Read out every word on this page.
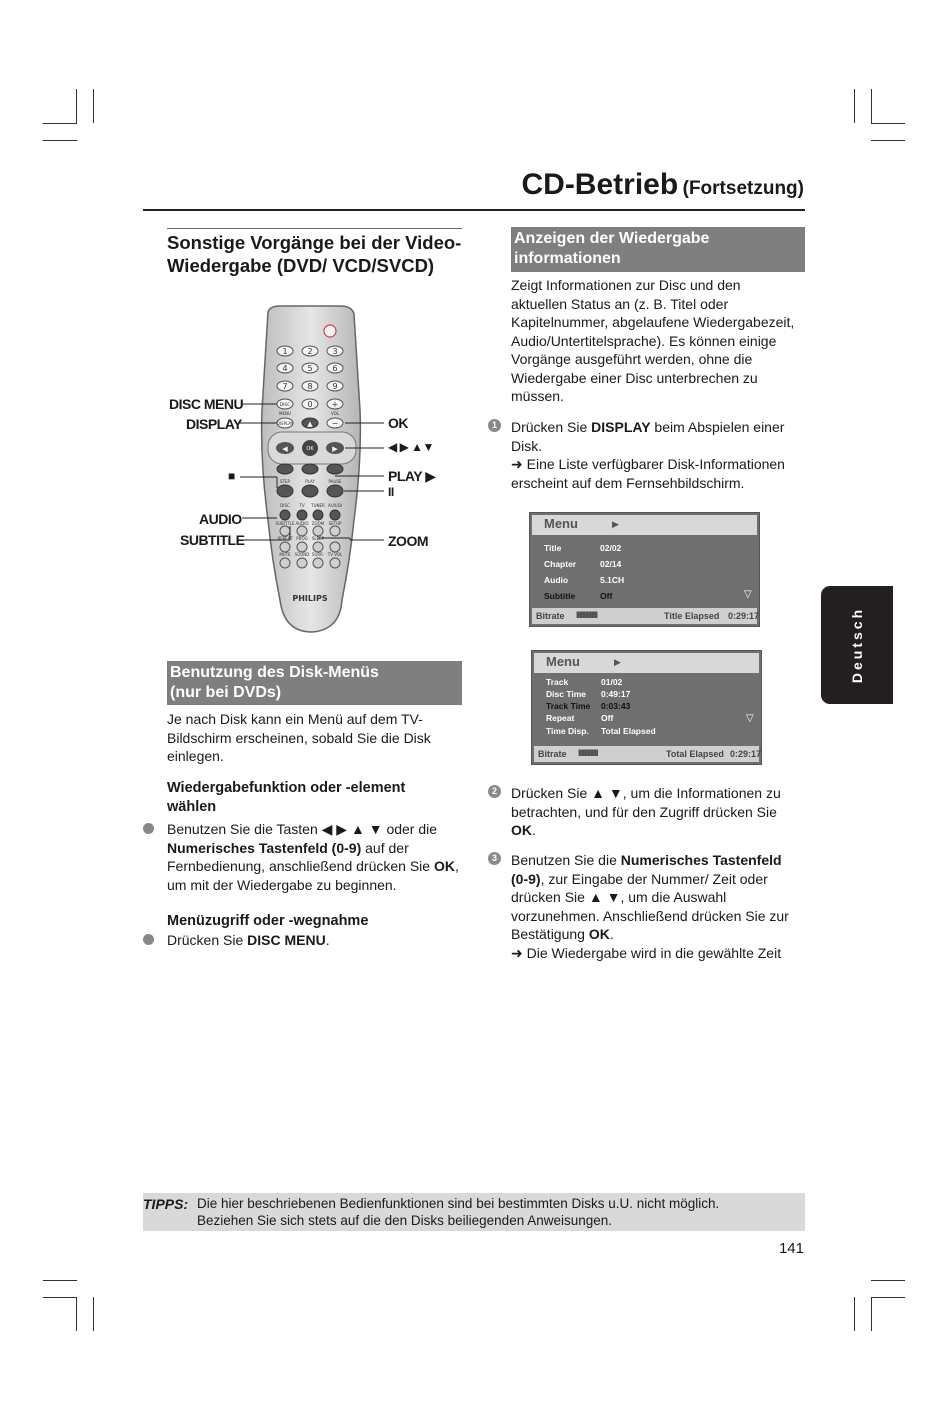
CD-Betrieb (Fortsetzung)
Sonstige Vorgänge bei der Video-
Wiedergabe (DVD/ VCD/SVCD)
1 2 3
4 5 6
7 8 9
DISC 0 +
MENU	VOL
DISPLAY ▲ −
OK
◀	▶
STEP	PLAY	PAUSE
DISC TV TUNER AUX/DI
SUBTITLE AUDIO ZOOM SETUP
REPEAT PROG SLEEP
MUTE SOUND SURR. TV VOL
PHILIPS
DISC MENU
DISPLAY
■
AUDIO
SUBTITLE
OK
◀ ▶ ▲▼
PLAY ▶
II
ZOOM
Benutzung des Disk-Menüs
(nur bei DVDs)
Je nach Disk kann ein Menü auf dem TV-
Bildschirm erscheinen, sobald Sie die Disk
einlegen.
Wiedergabefunktion oder -element
wählen
Benutzen Sie die Tasten ◀ ▶ ▲ ▼ oder die
Numerisches Tastenfeld (0-9) auf der
Fernbedienung, anschließend drücken Sie OK,
um mit der Wiedergabe zu beginnen.
Menüzugriff oder -wegnahme
Drücken Sie DISC MENU.
Anzeigen der Wiedergabe
informationen
Zeigt Informationen zur Disc und den
aktuellen Status an (z. B. Titel oder
Kapitelnummer, abgelaufene Wiedergabezeit,
Audio/Untertitelsprache). Es können einige
Vorgänge ausgeführt werden, ohne die
Wiedergabe einer Disc unterbrechen zu
müssen.
1 Drücken Sie DISPLAY beim Abspielen einer
Disk.
➜ Eine Liste verfügbarer Disk-Informationen
erscheint auf dem Fernsehbildschirm.
Menu	▶
Title	02/02
Chapter	02/14
Audio	5.1CH
Subtitle	Off	▽
Bitrate IIIIIIIIIIIIII	Title Elapsed 0:29:17
Menu	▶
Track	01/02
Disc Time 0:49:17
Track Time 0:03:43
Repeat	Off
Time Disp. Total Elapsed
▽
Bitrate IIIIIIIIIIIII	Total Elapsed 0:29:17
2 Drücken Sie ▲ ▼, um die Informationen zu
betrachten, und für den Zugriff drücken Sie
OK.
3 Benutzen Sie die Numerisches Tastenfeld
(0-9), zur Eingabe der Nummer/ Zeit oder
drücken Sie ▲ ▼, um die Auswahl
vorzunehmen. Anschließend drücken Sie zur
Bestätigung OK.
➜ Die Wiedergabe wird in die gewählte Zeit
Deutsch
TIPPS: Die hier beschriebenen Bedienfunktionen sind bei bestimmten Disks u.U. nicht möglich.
Beziehen Sie sich stets auf die den Disks beiliegenden Anweisungen.
141
